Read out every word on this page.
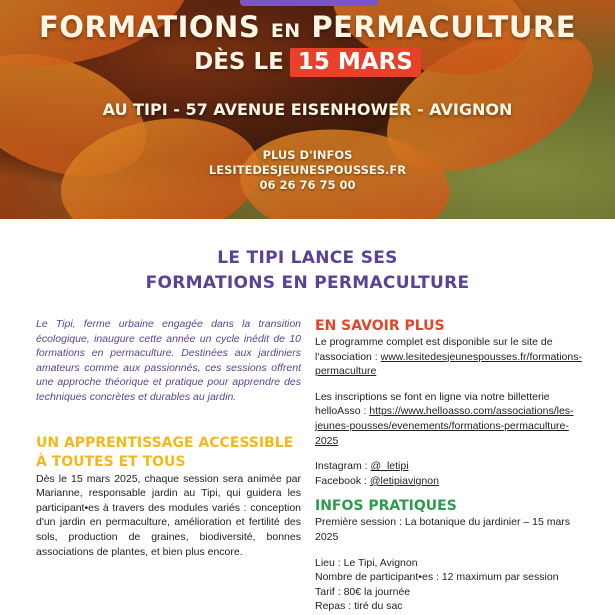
FORMATIONS EN PERMACULTURE
DÈS LE 15 MARS
AU TIPI - 57 AVENUE EISENHOWER - AVIGNON
PLUS D'INFOS
LESITEDESJEUNESPOUSSES.FR
06 26 76 75 00
LE TIPI LANCE SES
FORMATIONS EN PERMACULTURE

Le Tipi, ferme urbaine engagée dans la transition écologique, inaugure cette année un cycle inédit de 10 formations en permaculture. Destinées aux jardiniers amateurs comme aux passionnés, ces sessions offrent une approche théorique et pratique pour apprendre des techniques concrètes et durables au jardin.

UN APPRENTISSAGE ACCESSIBLE
À TOUTES ET TOUS

Dès le 15 mars 2025, chaque session sera animée par Marianne, responsable jardin au Tipi, qui guidera les participant•es à travers des modules variés : conception d'un jardin en permaculture, amélioration et fertilité des sols, production de graines, biodiversité, bonnes associations de plantes, et bien plus encore.

EN SAVOIR PLUS

Le programme complet est disponible sur le site de l'association : www.lesitedesjeunespousses.fr/formations-permaculture

Les inscriptions se font en ligne via notre billetterie helloAsso : https://www.helloasso.com/associations/les-jeunes-pousses/evenements/formations-permaculture-2025

Instagram : @_letipi

Facebook : @letipiavignon

INFOS PRATIQUES

Première session : La botanique du jardinier – 15 mars 2025

Lieu : Le Tipi, Avignon

Nombre de participant•es : 12 maximum par session

Tarif : 80€ la journée

Repas : tiré du sac
